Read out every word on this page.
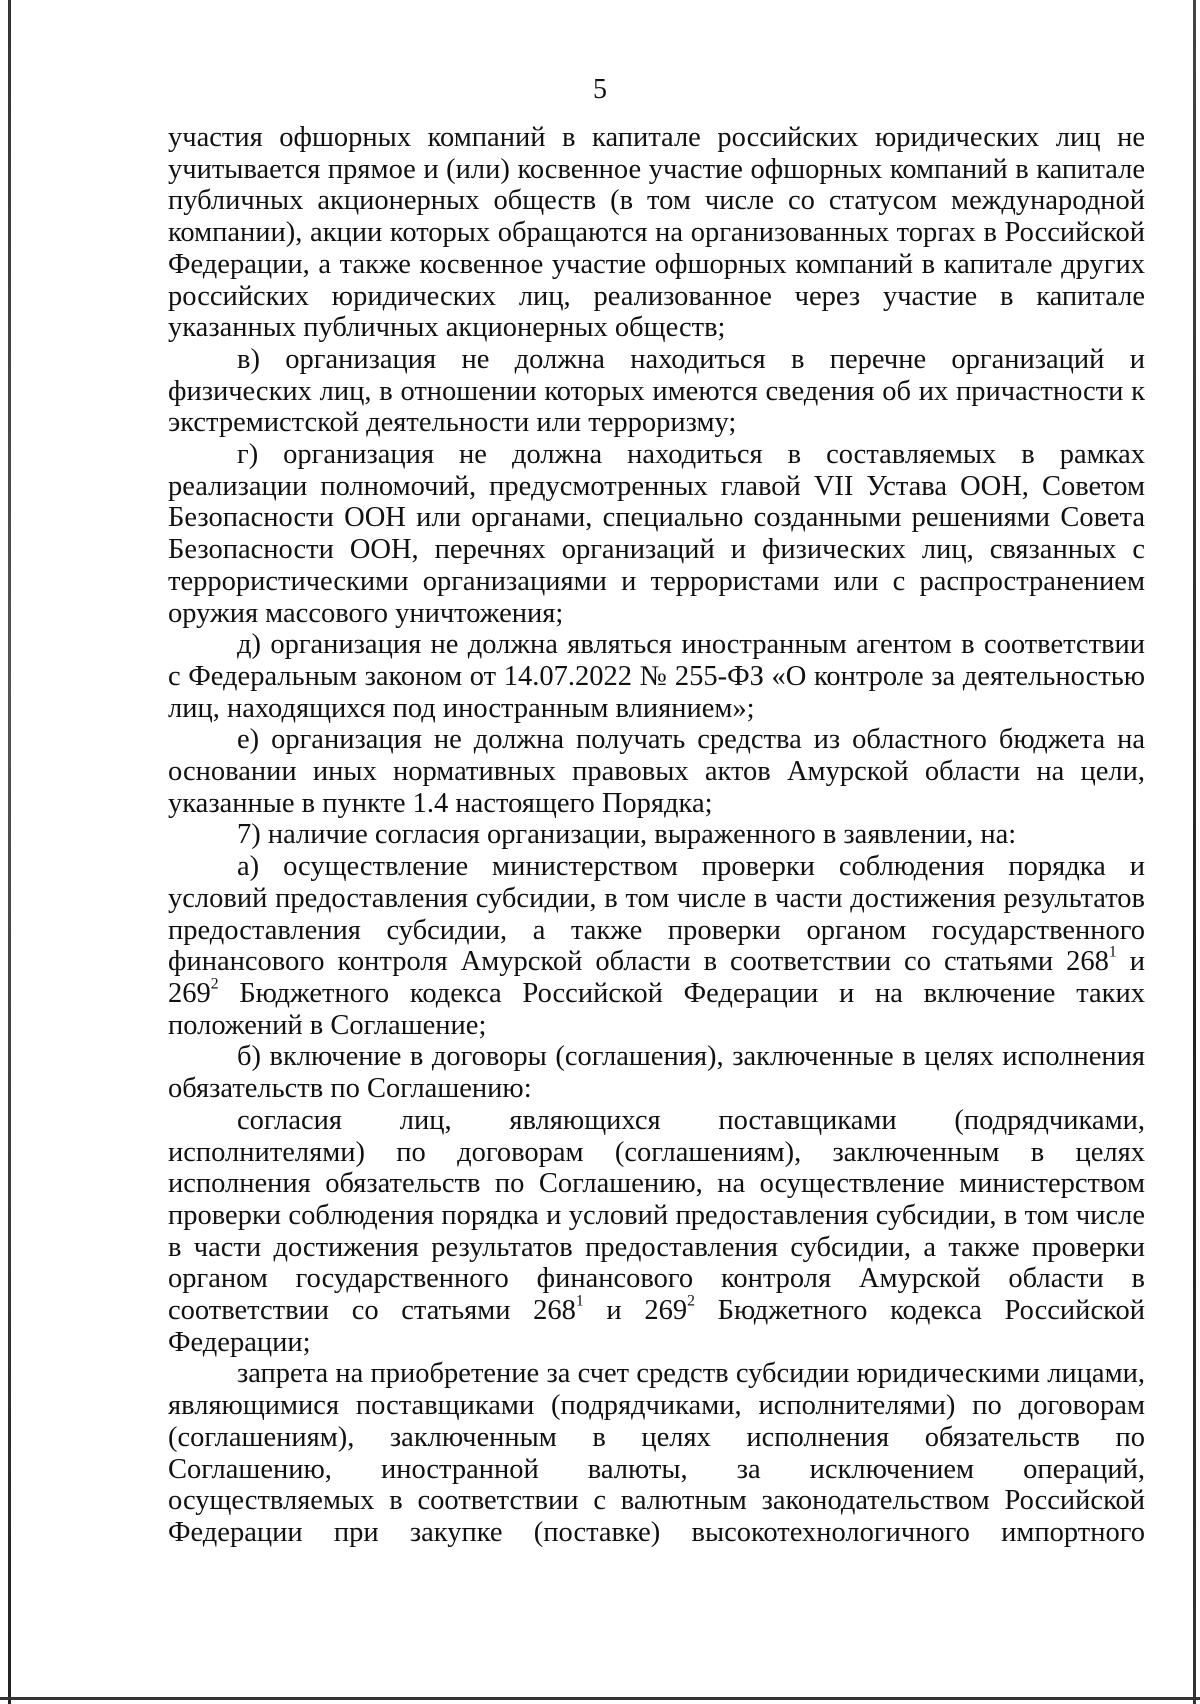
5

участия офшорных компаний в капитале российских юридических лиц не учитывается прямое и (или) косвенное участие офшорных компаний в капитале публичных акционерных обществ (в том числе со статусом международной компании), акции которых обращаются на организованных торгах в Российской Федерации, а также косвенное участие офшорных компаний в капитале других российских юридических лиц, реализованное через участие в капитале указанных публичных акционерных обществ;

в) организация не должна находиться в перечне организаций и физических лиц, в отношении которых имеются сведения об их причастности к экстремистской деятельности или терроризму;

г) организация не должна находиться в составляемых в рамках реализации полномочий, предусмотренных главой VII Устава ООН, Советом Безопасности ООН или органами, специально созданными решениями Совета Безопасности ООН, перечнях организаций и физических лиц, связанных с террористическими организациями и террористами или с распространением оружия массового уничтожения;

д) организация не должна являться иностранным агентом в соответствии с Федеральным законом от 14.07.2022 № 255-ФЗ «О контроле за деятельностью лиц, находящихся под иностранным влиянием»;

е) организация не должна получать средства из областного бюджета на основании иных нормативных правовых актов Амурской области на цели, указанные в пункте 1.4 настоящего Порядка;

7) наличие согласия организации, выраженного в заявлении, на:

а) осуществление министерством проверки соблюдения порядка и условий предоставления субсидии, в том числе в части достижения результатов предоставления субсидии, а также проверки органом государственного финансового контроля Амурской области в соответствии со статьями $268^1$ и $269^2$ Бюджетного кодекса Российской Федерации и на включение таких положений в Соглашение;

б) включение в договоры (соглашения), заключенные в целях исполнения обязательств по Соглашению:

согласия лиц, являющихся поставщиками (подрядчиками, исполнителями) по договорам (соглашениям), заключенным в целях исполнения обязательств по Соглашению, на осуществление министерством проверки соблюдения порядка и условий предоставления субсидии, в том числе в части достижения результатов предоставления субсидии, а также проверки органом государственного финансового контроля Амурской области в соответствии со статьями $268^1$ и $269^2$ Бюджетного кодекса Российской Федерации;

запрета на приобретение за счет средств субсидии юридическими лицами, являющимися поставщиками (подрядчиками, исполнителями) по договорам (соглашениям), заключенным в целях исполнения обязательств по Соглашению, иностранной валюты, за исключением операций, осуществляемых в соответствии с валютным законодательством Российской Федерации при закупке (поставке) высокотехнологичного импортного
